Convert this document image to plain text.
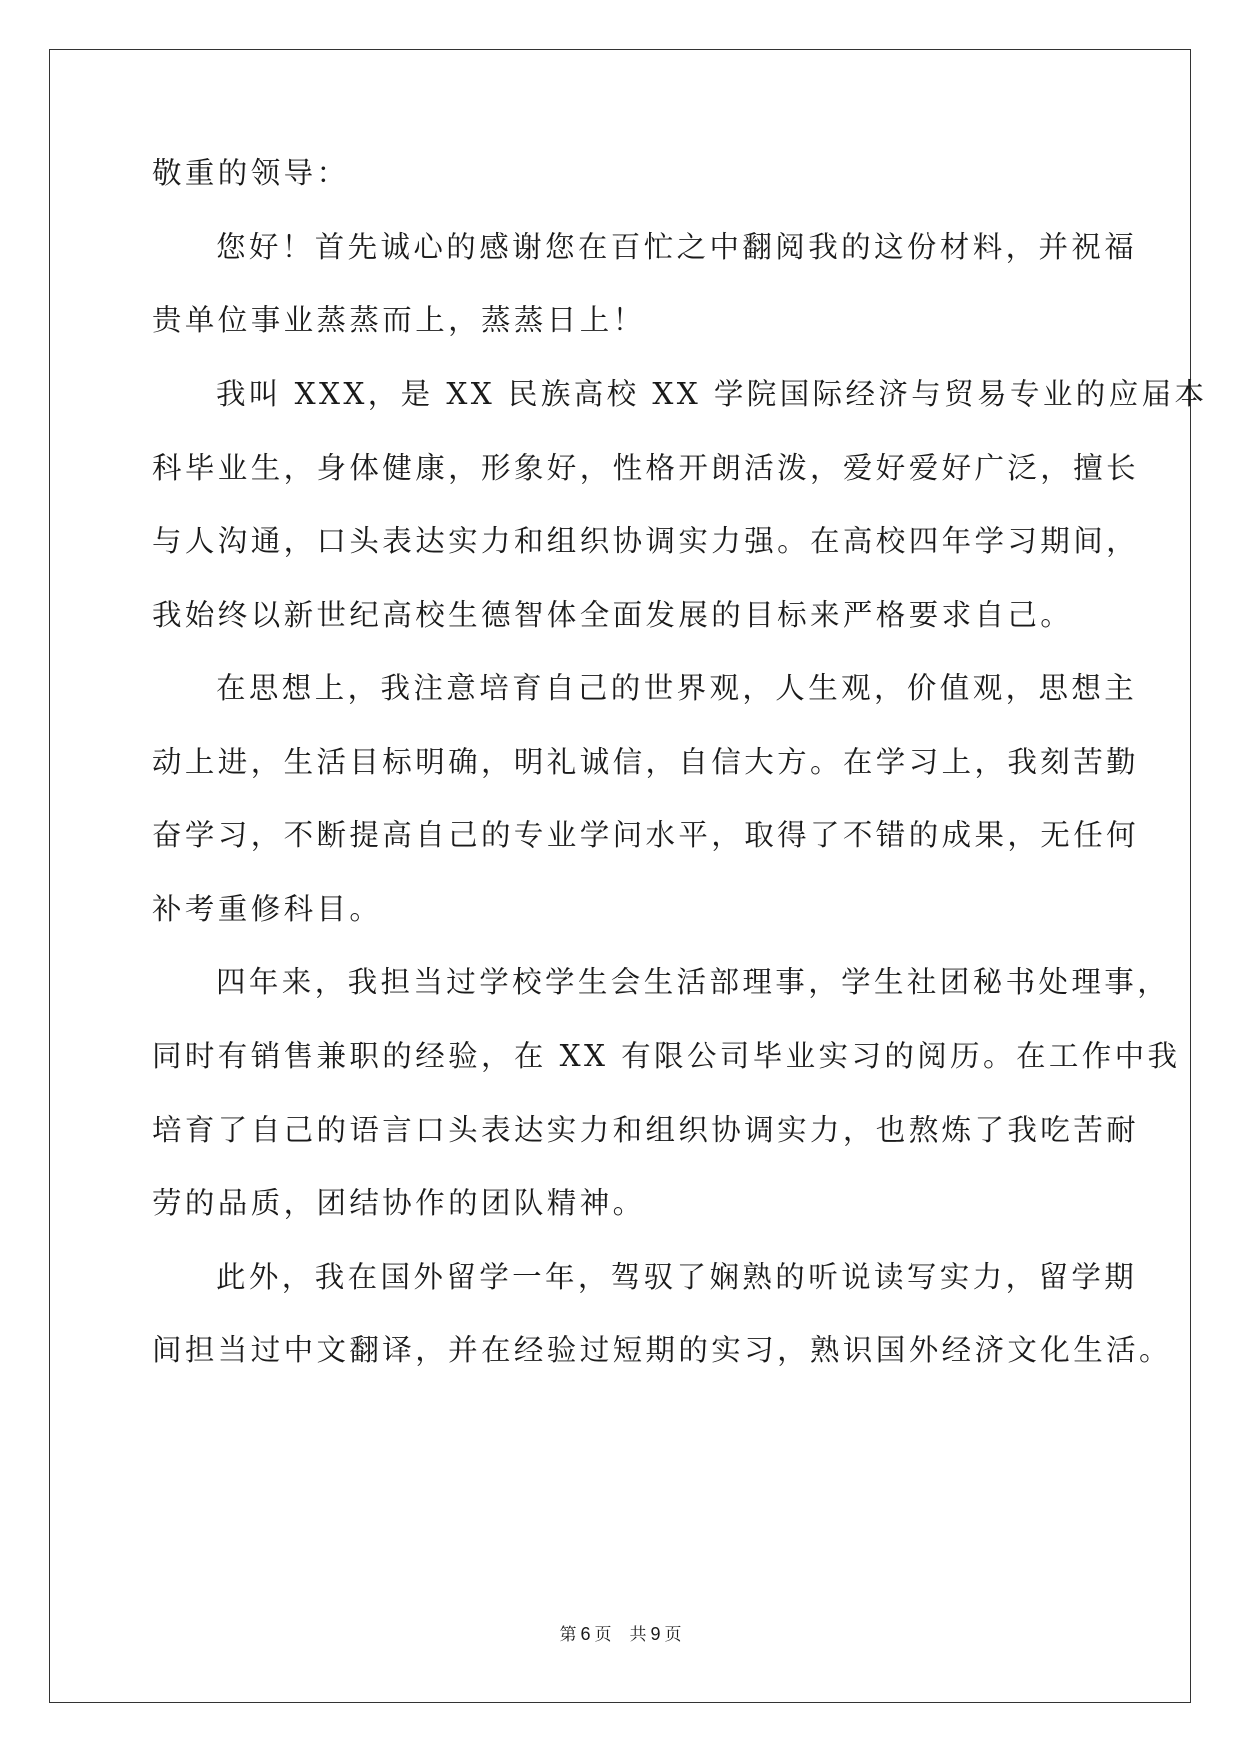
敬重的领导：
您好！首先诚心的感谢您在百忙之中翻阅我的这份材料，并祝福
贵单位事业蒸蒸而上，蒸蒸日上！
我叫 XXX，是 XX 民族高校 XX 学院国际经济与贸易专业的应届本
科毕业生，身体健康，形象好，性格开朗活泼，爱好爱好广泛，擅长
与人沟通，口头表达实力和组织协调实力强。在高校四年学习期间，
我始终以新世纪高校生德智体全面发展的目标来严格要求自己。
在思想上，我注意培育自己的世界观，人生观，价值观，思想主
动上进，生活目标明确，明礼诚信，自信大方。在学习上，我刻苦勤
奋学习，不断提高自己的专业学问水平，取得了不错的成果，无任何
补考重修科目。
四年来，我担当过学校学生会生活部理事，学生社团秘书处理事，
同时有销售兼职的经验，在 XX 有限公司毕业实习的阅历。在工作中我
培育了自己的语言口头表达实力和组织协调实力，也熬炼了我吃苦耐
劳的品质，团结协作的团队精神。
此外，我在国外留学一年，驾驭了娴熟的听说读写实力，留学期
间担当过中文翻译，并在经验过短期的实习，熟识国外经济文化生活。
第 6 页 共 9 页
